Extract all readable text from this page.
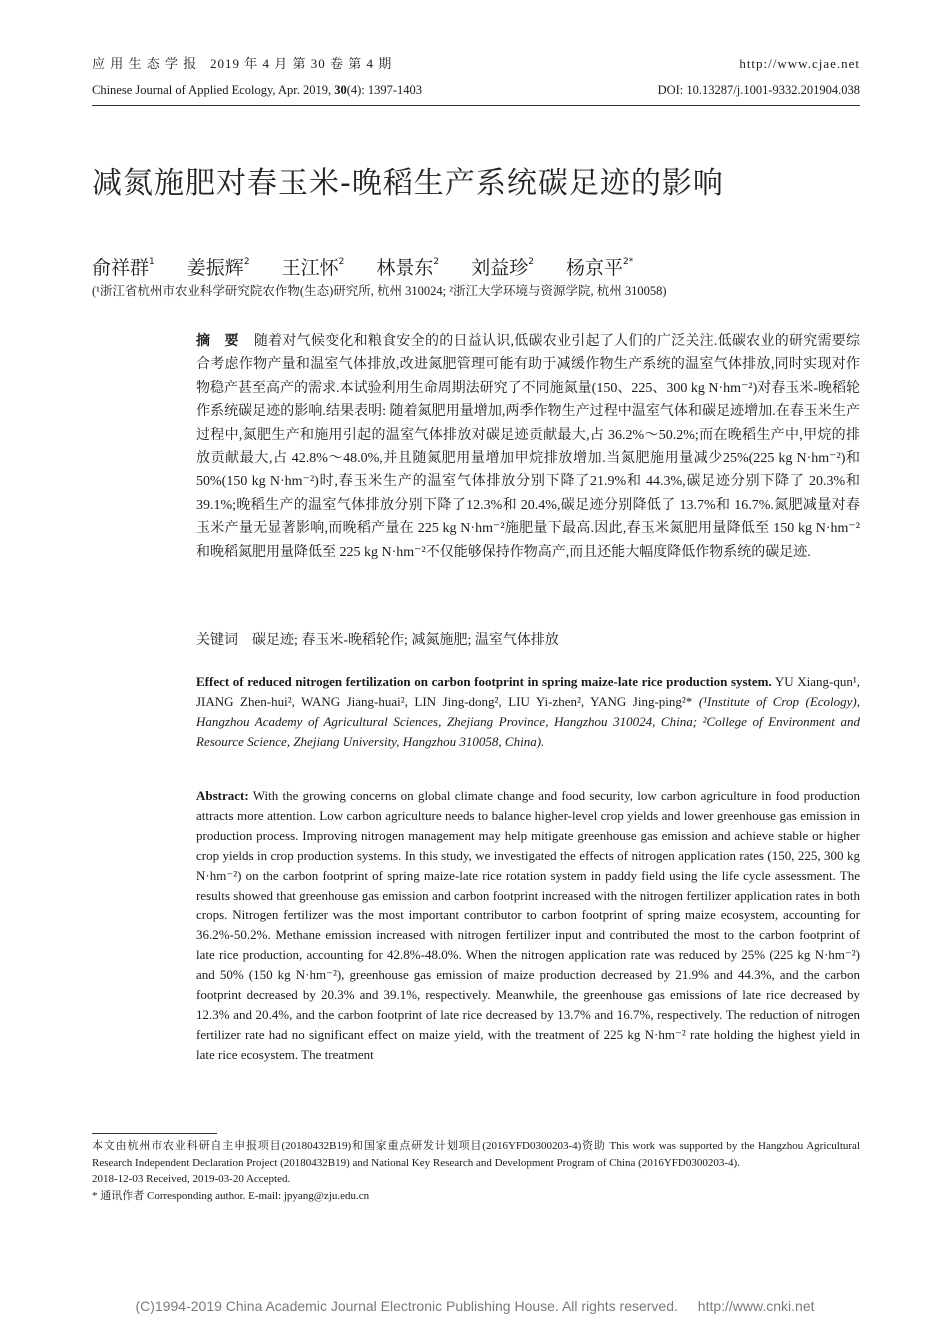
应 用 生 态 学 报 2019 年 4 月 第 30 卷 第 4 期	http://www.cjae.net
Chinese Journal of Applied Ecology, Apr. 2019, 30(4): 1397-1403	DOI: 10.13287/j.1001-9332.201904.038
减氮施肥对春玉米-晚稻生产系统碳足迹的影响
俞祥群$^1$ 姜振辉$^2$ 王江怀$^2$ 林景东$^2$ 刘益珍$^2$ 杨京平$^{2*}$
(¹浙江省杭州市农业科学研究院农作物(生态)研究所, 杭州 310024; ²浙江大学环境与资源学院, 杭州 310058)
摘　要 随着对气候变化和粮食安全的的日益认识,低碳农业引起了人们的广泛关注.低碳农业的研究需要综合考虑作物产量和温室气体排放,改进氮肥管理可能有助于减缓作物生产系统的温室气体排放,同时实现对作物稳产甚至高产的需求.本试验利用生命周期法研究了不同施氮量(150、225、300 kg N·hm⁻²)对春玉米-晚稻轮作系统碳足迹的影响.结果表明: 随着氮肥用量增加,两季作物生产过程中温室气体和碳足迹增加.在春玉米生产过程中,氮肥生产和施用引起的温室气体排放对碳足迹贡献最大,占 36.2%～50.2%;而在晚稻生产中,甲烷的排放贡献最大,占 42.8%～48.0%,并且随氮肥用量增加甲烷排放增加.当氮肥施用量减少25%(225 kg N·hm⁻²)和 50%(150 kg N·hm⁻²)时,春玉米生产的温室气体排放分别下降了21.9%和 44.3%,碳足迹分别下降了 20.3%和 39.1%;晚稻生产的温室气体排放分别下降了12.3%和 20.4%,碳足迹分别降低了 13.7%和 16.7%.氮肥减量对春玉米产量无显著影响,而晚稻产量在 225 kg N·hm⁻²施肥量下最高.因此,春玉米氮肥用量降低至 150 kg N·hm⁻²和晚稻氮肥用量降低至 225 kg N·hm⁻²不仅能够保持作物高产,而且还能大幅度降低作物系统的碳足迹.
关键词 碳足迹; 春玉米-晚稻轮作; 减氮施肥; 温室气体排放
Effect of reduced nitrogen fertilization on carbon footprint in spring maize-late rice production system. YU Xiang-qun¹, JIANG Zhen-hui², WANG Jiang-huai², LIN Jing-dong², LIU Yi-zhen², YANG Jing-ping²* (¹Institute of Crop (Ecology), Hangzhou Academy of Agricultural Sciences, Zhejiang Province, Hangzhou 310024, China; ²College of Environment and Resource Science, Zhejiang University, Hangzhou 310058, China).
Abstract: With the growing concerns on global climate change and food security, low carbon agriculture in food production attracts more attention. Low carbon agriculture needs to balance higher-level crop yields and lower greenhouse gas emission in production process. Improving nitrogen management may help mitigate greenhouse gas emission and achieve stable or higher crop yields in crop production systems. In this study, we investigated the effects of nitrogen application rates (150, 225, 300 kg N·hm⁻²) on the carbon footprint of spring maize-late rice rotation system in paddy field using the life cycle assessment. The results showed that greenhouse gas emission and carbon footprint increased with the nitrogen fertilizer application rates in both crops. Nitrogen fertilizer was the most important contributor to carbon footprint of spring maize ecosystem, accounting for 36.2%-50.2%. Methane emission increased with nitrogen fertilizer input and contributed the most to the carbon footprint of late rice production, accounting for 42.8%-48.0%. When the nitrogen application rate was reduced by 25% (225 kg N·hm⁻²) and 50% (150 kg N·hm⁻²), greenhouse gas emission of maize production decreased by 21.9% and 44.3%, and the carbon footprint decreased by 20.3% and 39.1%, respectively. Meanwhile, the greenhouse gas emissions of late rice decreased by 12.3% and 20.4%, and the carbon footprint of late rice decreased by 13.7% and 16.7%, respectively. The reduction of nitrogen fertilizer rate had no significant effect on maize yield, with the treatment of 225 kg N·hm⁻² rate holding the highest yield in late rice ecosystem. The treatment
本文由杭州市农业科研自主申报项目(20180432B19)和国家重点研发计划项目(2016YFD0300203-4)资助 This work was supported by the Hangzhou Agricultural Research Independent Declaration Project (20180432B19) and National Key Research and Development Program of China (2016YFD0300203-4).
2018-12-03 Received, 2019-03-20 Accepted.
* 通讯作者 Corresponding author. E-mail: jpyang@zju.edu.cn
(C)1994-2019 China Academic Journal Electronic Publishing House. All rights reserved. http://www.cnki.net
